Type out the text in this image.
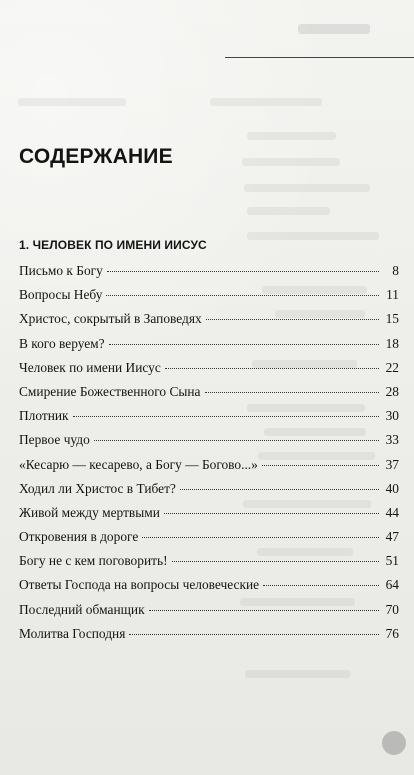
СОДЕРЖАНИЕ
1. ЧЕЛОВЕК ПО ИМЕНИ ИИСУС
Письмо к Богу	8
Вопросы Небу	11
Христос, сокрытый в Заповедях	15
В кого веруем?	18
Человек по имени Иисус	22
Смирение Божественного Сына	28
Плотник	30
Первое чудо	33
«Кесарю — кесарево, а Богу — Богово...»	37
Ходил ли Христос в Тибет?	40
Живой между мертвыми	44
Откровения в дороге	47
Богу не с кем поговорить!	51
Ответы Господа на вопросы человеческие	64
Последний обманщик	70
Молитва Господня	76
